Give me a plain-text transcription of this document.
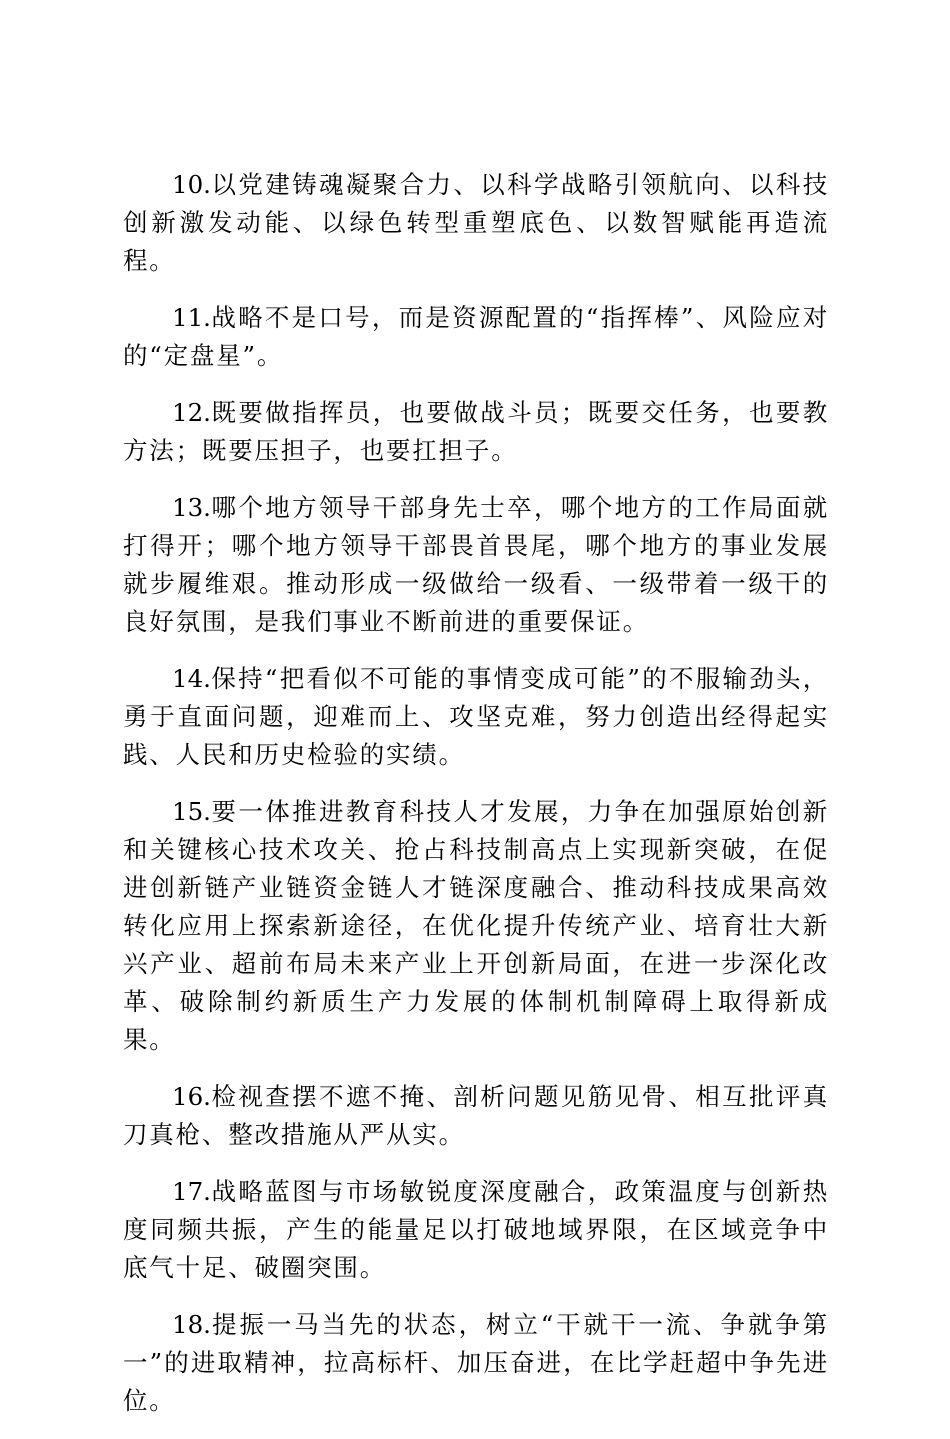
10.以党建铸魂凝聚合力、以科学战略引领航向、以科技创新激发动能、以绿色转型重塑底色、以数智赋能再造流程。

11.战略不是口号，而是资源配置的“指挥棒”、风险应对的“定盘星”。

12.既要做指挥员，也要做战斗员；既要交任务，也要教方法；既要压担子，也要扛担子。

13.哪个地方领导干部身先士卒，哪个地方的工作局面就打得开；哪个地方领导干部畏首畏尾，哪个地方的事业发展就步履维艰。推动形成一级做给一级看、一级带着一级干的良好氛围，是我们事业不断前进的重要保证。

14.保持“把看似不可能的事情变成可能”的不服输劲头，勇于直面问题，迎难而上、攻坚克难，努力创造出经得起实践、人民和历史检验的实绩。

15.要一体推进教育科技人才发展，力争在加强原始创新和关键核心技术攻关、抢占科技制高点上实现新突破，在促进创新链产业链资金链人才链深度融合、推动科技成果高效转化应用上探索新途径，在优化提升传统产业、培育壮大新兴产业、超前布局未来产业上开创新局面，在进一步深化改革、破除制约新质生产力发展的体制机制障碍上取得新成果。

16.检视查摆不遮不掩、剖析问题见筋见骨、相互批评真刀真枪、整改措施从严从实。

17.战略蓝图与市场敏锐度深度融合，政策温度与创新热度同频共振，产生的能量足以打破地域界限，在区域竞争中底气十足、破圈突围。

18.提振一马当先的状态，树立“干就干一流、争就争第一”的进取精神，拉高标杆、加压奋进，在比学赶超中争先进位。
